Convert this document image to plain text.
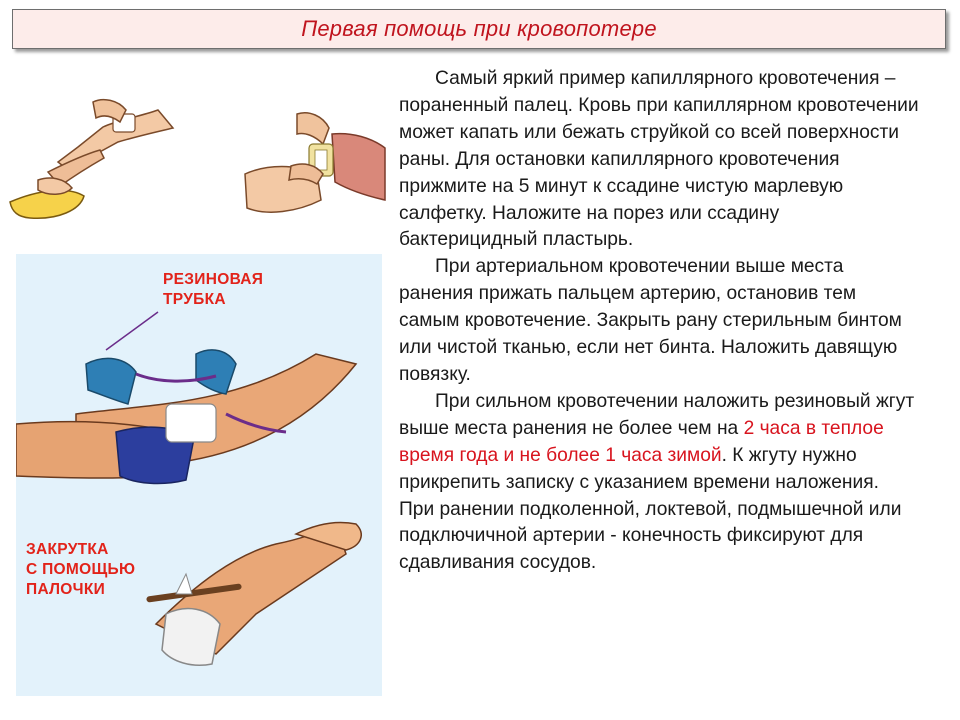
Первая помощь при кровопотере
РЕЗИНОВАЯ
ТРУБКА
ЗАКРУТКА
С ПОМОЩЬЮ
ПАЛОЧКИ

Самый яркий пример капиллярного кровотечения – пораненный палец. Кровь при капиллярном кровотечении может капать или бежать струйкой со всей поверхности раны. Для остановки капиллярного кровотечения прижмите на 5 минут к ссадине чистую марлевую салфетку. Наложите на порез или ссадину бактерицидный пластырь.

При артериальном кровотечении выше места ранения прижать пальцем артерию, остановив тем самым кровотечение. Закрыть рану стерильным бинтом или чистой тканью, если нет бинта. Наложить давящую повязку.

При сильном кровотечении наложить резиновый жгут выше места ранения не более чем на 2 часа в теплое время года и не более 1 часа зимой. К жгуту нужно прикрепить записку с указанием времени наложения. При ранении подколенной, локтевой, подмышечной или подключичной артерии - конечность фиксируют для сдавливания сосудов.
